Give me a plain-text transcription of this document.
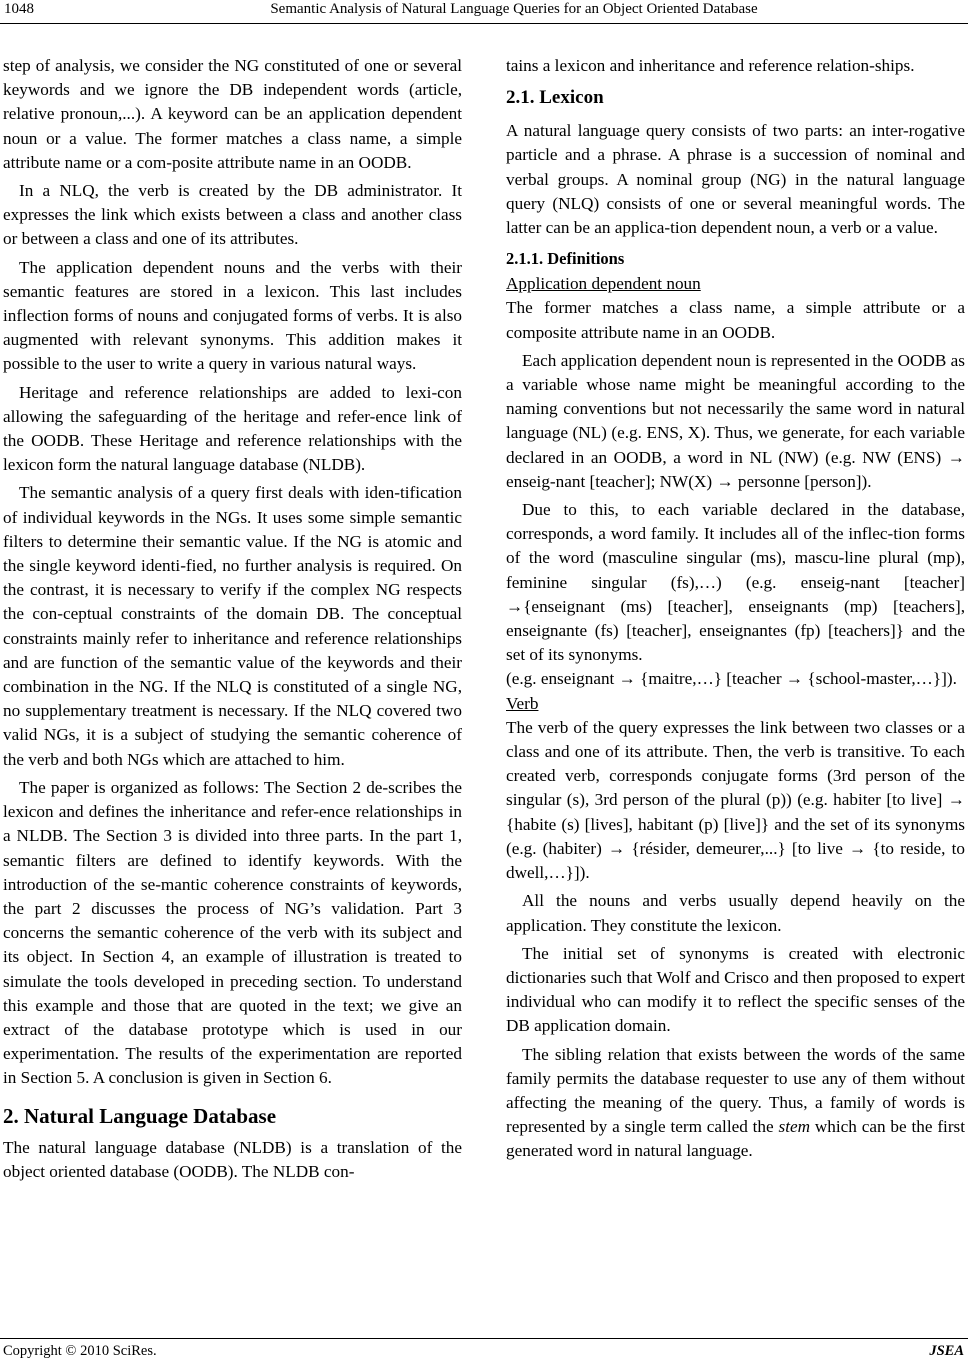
1048	Semantic Analysis of Natural Language Queries for an Object Oriented Database

step of analysis, we consider the NG constituted of one or several keywords and we ignore the DB independent words (article, relative pronoun,...). A keyword can be an application dependent noun or a value. The former matches a class name, a simple attribute name or a com-posite attribute name in an OODB.

In a NLQ, the verb is created by the DB administrator. It expresses the link which exists between a class and another class or between a class and one of its attributes.

The application dependent nouns and the verbs with their semantic features are stored in a lexicon. This last includes inflection forms of nouns and conjugated forms of verbs. It is also augmented with relevant synonyms. This addition makes it possible to the user to write a query in various natural ways.

Heritage and reference relationships are added to lexi-con allowing the safeguarding of the heritage and refer-ence link of the OODB. These Heritage and reference relationships with the lexicon form the natural language database (NLDB).

The semantic analysis of a query first deals with iden-tification of individual keywords in the NGs. It uses some simple semantic filters to determine their semantic value. If the NG is atomic and the single keyword identi-fied, no further analysis is required. On the contrast, it is necessary to verify if the complex NG respects the con-ceptual constraints of the domain DB. The conceptual constraints mainly refer to inheritance and reference relationships and are function of the semantic value of the keywords and their combination in the NG. If the NLQ is constituted of a single NG, no supplementary treatment is necessary. If the NLQ covered two valid NGs, it is a subject of studying the semantic coherence of the verb and both NGs which are attached to him.

The paper is organized as follows: The Section 2 de-scribes the lexicon and defines the inheritance and refer-ence relationships in a NLDB. The Section 3 is divided into three parts. In the part 1, semantic filters are defined to identify keywords. With the introduction of the se-mantic coherence constraints of keywords, the part 2 discusses the process of NG’s validation. Part 3 concerns the semantic coherence of the verb with its subject and its object. In Section 4, an example of illustration is treated to simulate the tools developed in preceding section. To understand this example and those that are quoted in the text; we give an extract of the database prototype which is used in our experimentation. The results of the experimentation are reported in Section 5. A conclusion is given in Section 6.

2. Natural Language Database

The natural language database (NLDB) is a translation of the object oriented database (OODB). The NLDB con-

tains a lexicon and inheritance and reference relation-ships.

2.1. Lexicon

A natural language query consists of two parts: an inter-rogative particle and a phrase. A phrase is a succession of nominal and verbal groups. A nominal group (NG) in the natural language query (NLQ) consists of one or several meaningful words. The latter can be an applica-tion dependent noun, a verb or a value.

2.1.1. Definitions

Application dependent noun

The former matches a class name, a simple attribute or a composite attribute name in an OODB.

Each application dependent noun is represented in the OODB as a variable whose name might be meaningful according to the naming conventions but not necessarily the same word in natural language (NL) (e.g. ENS, X). Thus, we generate, for each variable declared in an OODB, a word in NL (NW) (e.g. NW (ENS) → enseig-nant [teacher]; NW(X) → personne [person]).

Due to this, to each variable declared in the database, corresponds, a word family. It includes all of the inflec-tion forms of the word (masculine singular (ms), mascu-line plural (mp), feminine singular (fs),…) (e.g. enseig-nant [teacher] →{enseignant (ms) [teacher], enseignants (mp) [teachers], enseignante (fs) [teacher], enseignantes (fp) [teachers]} and the set of its synonyms.

(e.g. enseignant → {maitre,…} [teacher → {school-master,…}]).

Verb

The verb of the query expresses the link between two classes or a class and one of its attribute. Then, the verb is transitive. To each created verb, corresponds conjugate forms (3rd person of the singular (s), 3rd person of the plural (p)) (e.g. habiter [to live] → {habite (s) [lives], habitant (p) [live]} and the set of its synonyms (e.g. (habiter) → {résider, demeurer,...} [to live → {to reside, to dwell,…}]).

All the nouns and verbs usually depend heavily on the application. They constitute the lexicon.

The initial set of synonyms is created with electronic dictionaries such that Wolf and Crisco and then proposed to expert individual who can modify it to reflect the specific senses of the DB application domain.

The sibling relation that exists between the words of the same family permits the database requester to use any of them without affecting the meaning of the query. Thus, a family of words is represented by a single term called the stem which can be the first generated word in natural language.

Copyright © 2010 SciRes.	JSEA
